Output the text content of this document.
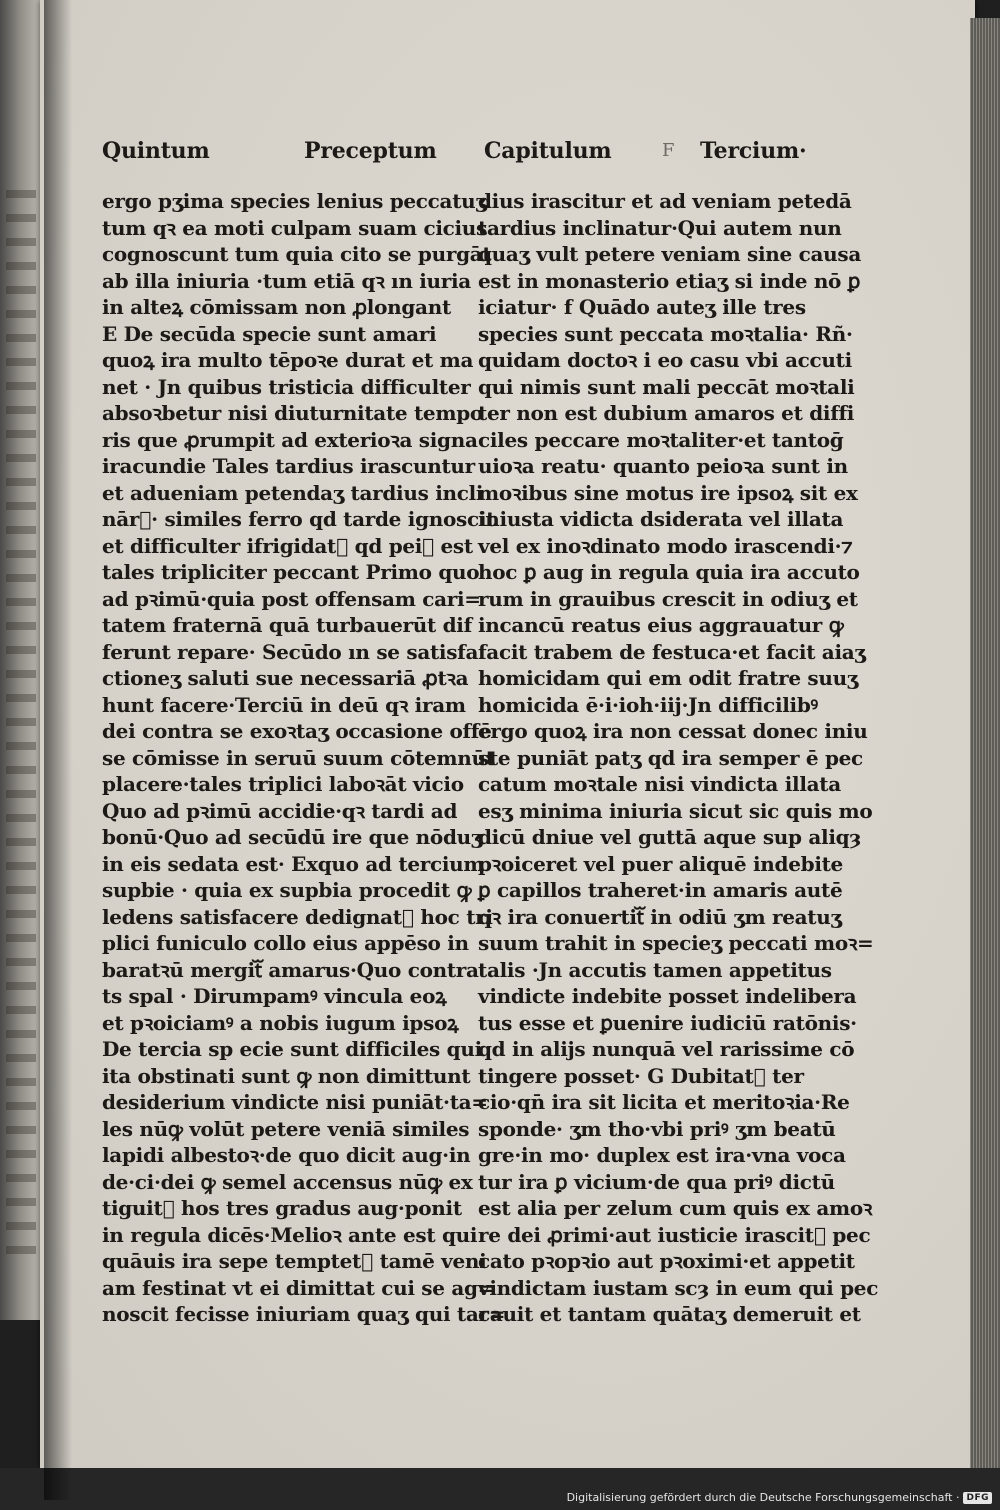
Quintum	Preceptum Capitulum	F Tercium·
ergo pʒima species lenius peccatuʒ
tum qꝛ ea moti culpam suam cicius
cognoscunt tum quia cito se purgāt
ab illa iniuria ·tum etiā qꝛ ın iuria
in alteꝝ cōmissam non ꝓlongant
E De secūda specie sunt amari
quoꝝ ira multo tēpoꝛe durat et ma
net · Jn quibus tristicia difficulter
absoꝛbetur nisi diuturnitate tempo
ris que ꝓrumpit ad exterioꝛa signa
iracundie Tales tardius irascuntur
et adueniam petendaʒ tardius incli
nārᷓ· similes ferro qd tarde ignoscit
et difficulter ifrigidatᷓ qd peiꝰ est
tales tripliciter peccant Primo quo
ad pꝛimū·quia post offensam cari=
tatem fraternā quā turbauerūt dif
ferunt repare· Secūdo ın se satisfa
ctioneʒ saluti sue necessariā ꝓtꝛa
hunt facere·Terciū in deū qꝛ iram
dei contra se exoꝛtaʒ occasione offē
se cōmisse in seruū suum cōtemnūt
placere·tales triplici laboꝛāt vicio
Quo ad pꝛimū accidie·qꝛ tardi ad
bonū·Quo ad secūdū ire que nōduʒ
in eis sedata est· Exquo ad tercium
supbie · quia ex supbia procedit ꝙ
ledens satisfacere dedignatᷓ hoc tri
plici funiculo collo eius appēso in
baratꝛū mergitᷓ amarus·Quo contra
ts spal · Dirumpamꝰ vincula eoꝝ
et pꝛoiciamꝰ a nobis iugum ipsoꝝ
De tercia sp ecie sunt difficiles qui
ita obstinati sunt ꝙ non dimittunt
desiderium vindicte nisi puniāt·ta=
les nūꝙ volūt petere veniā similes
lapidi albestoꝛ·de quo dicit aug·in
de·ci·dei ꝙ semel accensus nūꝙ ex
tiguitᷓ hos tres gradus aug·ponit
in regula dicēs·Melioꝛ ante est qui
quāuis ira sepe temptetᷓ tamē veni
am festinat vt ei dimittat cui se ag=
noscit fecisse iniuriam quaʒ qui tar=
dius irascitur et ad veniam petedā
tardius inclinatur·Qui autem nun
quaʒ vult petere veniam sine causa
est in monasterio etiaʒ si inde nō ꝑ
iciatur· f Quādo auteʒ ille tres
species sunt peccata moꝛtalia· Rñ·
quidam doctoꝛ i eo casu vbi accuti
qui nimis sunt mali peccāt moꝛtali
ter non est dubium amaros et diffi
ciles peccare moꝛtaliter·et tantoḡ
uioꝛa reatu· quanto peioꝛa sunt in
moꝛibus sine motus ire ipsoꝝ sit ex
iniusta vidicta dsiderata vel illata
vel ex inoꝛdinato modo irascendi·⁊
hoc ꝑ aug in regula quia ira accuto
rum in grauibus crescit in odiuʒ et
incancū reatus eius aggrauatur ꝙ
facit trabem de festuca·et facit aiaʒ
homicidam qui em odit fratre suuʒ
homicida ē·i·ioh·iij·Jn difficilibꝰ
ergo quoꝝ ira non cessat donec iniu
ste puniāt patʒ qd ira semper ē pec
catum moꝛtale nisi vindicta illata
esʒ minima iniuria sicut sic quis mo
dicū dniue vel guttā aque sup aliqȝ
pꝛoiceret vel puer aliquē indebite
ꝑ capillos traheret·in amaris autē
qꝛ ira conuertitᷓ in odiū ʒm reatuʒ
suum trahit in specieʒ peccati moꝛ=
talis ·Jn accutis tamen appetitus
vindicte indebite posset indelibera
tus esse et ꝑuenire iudiciū ratōnis·
qd in alijs nunquā vel rarissime cō
tingere posset· G Dubitatᷓ ter
cio·qn̄ ira sit licita et meritoꝛia·Re
sponde· ʒm tho·vbi priꝰ ʒm beatū
gre·in mo· duplex est ira·vna voca
tur ira ꝑ vicium·de qua priꝰ dictū
est alia per zelum cum quis ex amoꝛ
re dei ꝓrimi·aut iusticie irascitᷓ pec
cato pꝛopꝛio aut pꝛoximi·et appetit
vindictam iustam scȝ in eum qui pec
cauit et tantam quātaʒ demeruit et
Digitalisierung gefördert durch die Deutsche Forschungsgemeinschaft · DFG
